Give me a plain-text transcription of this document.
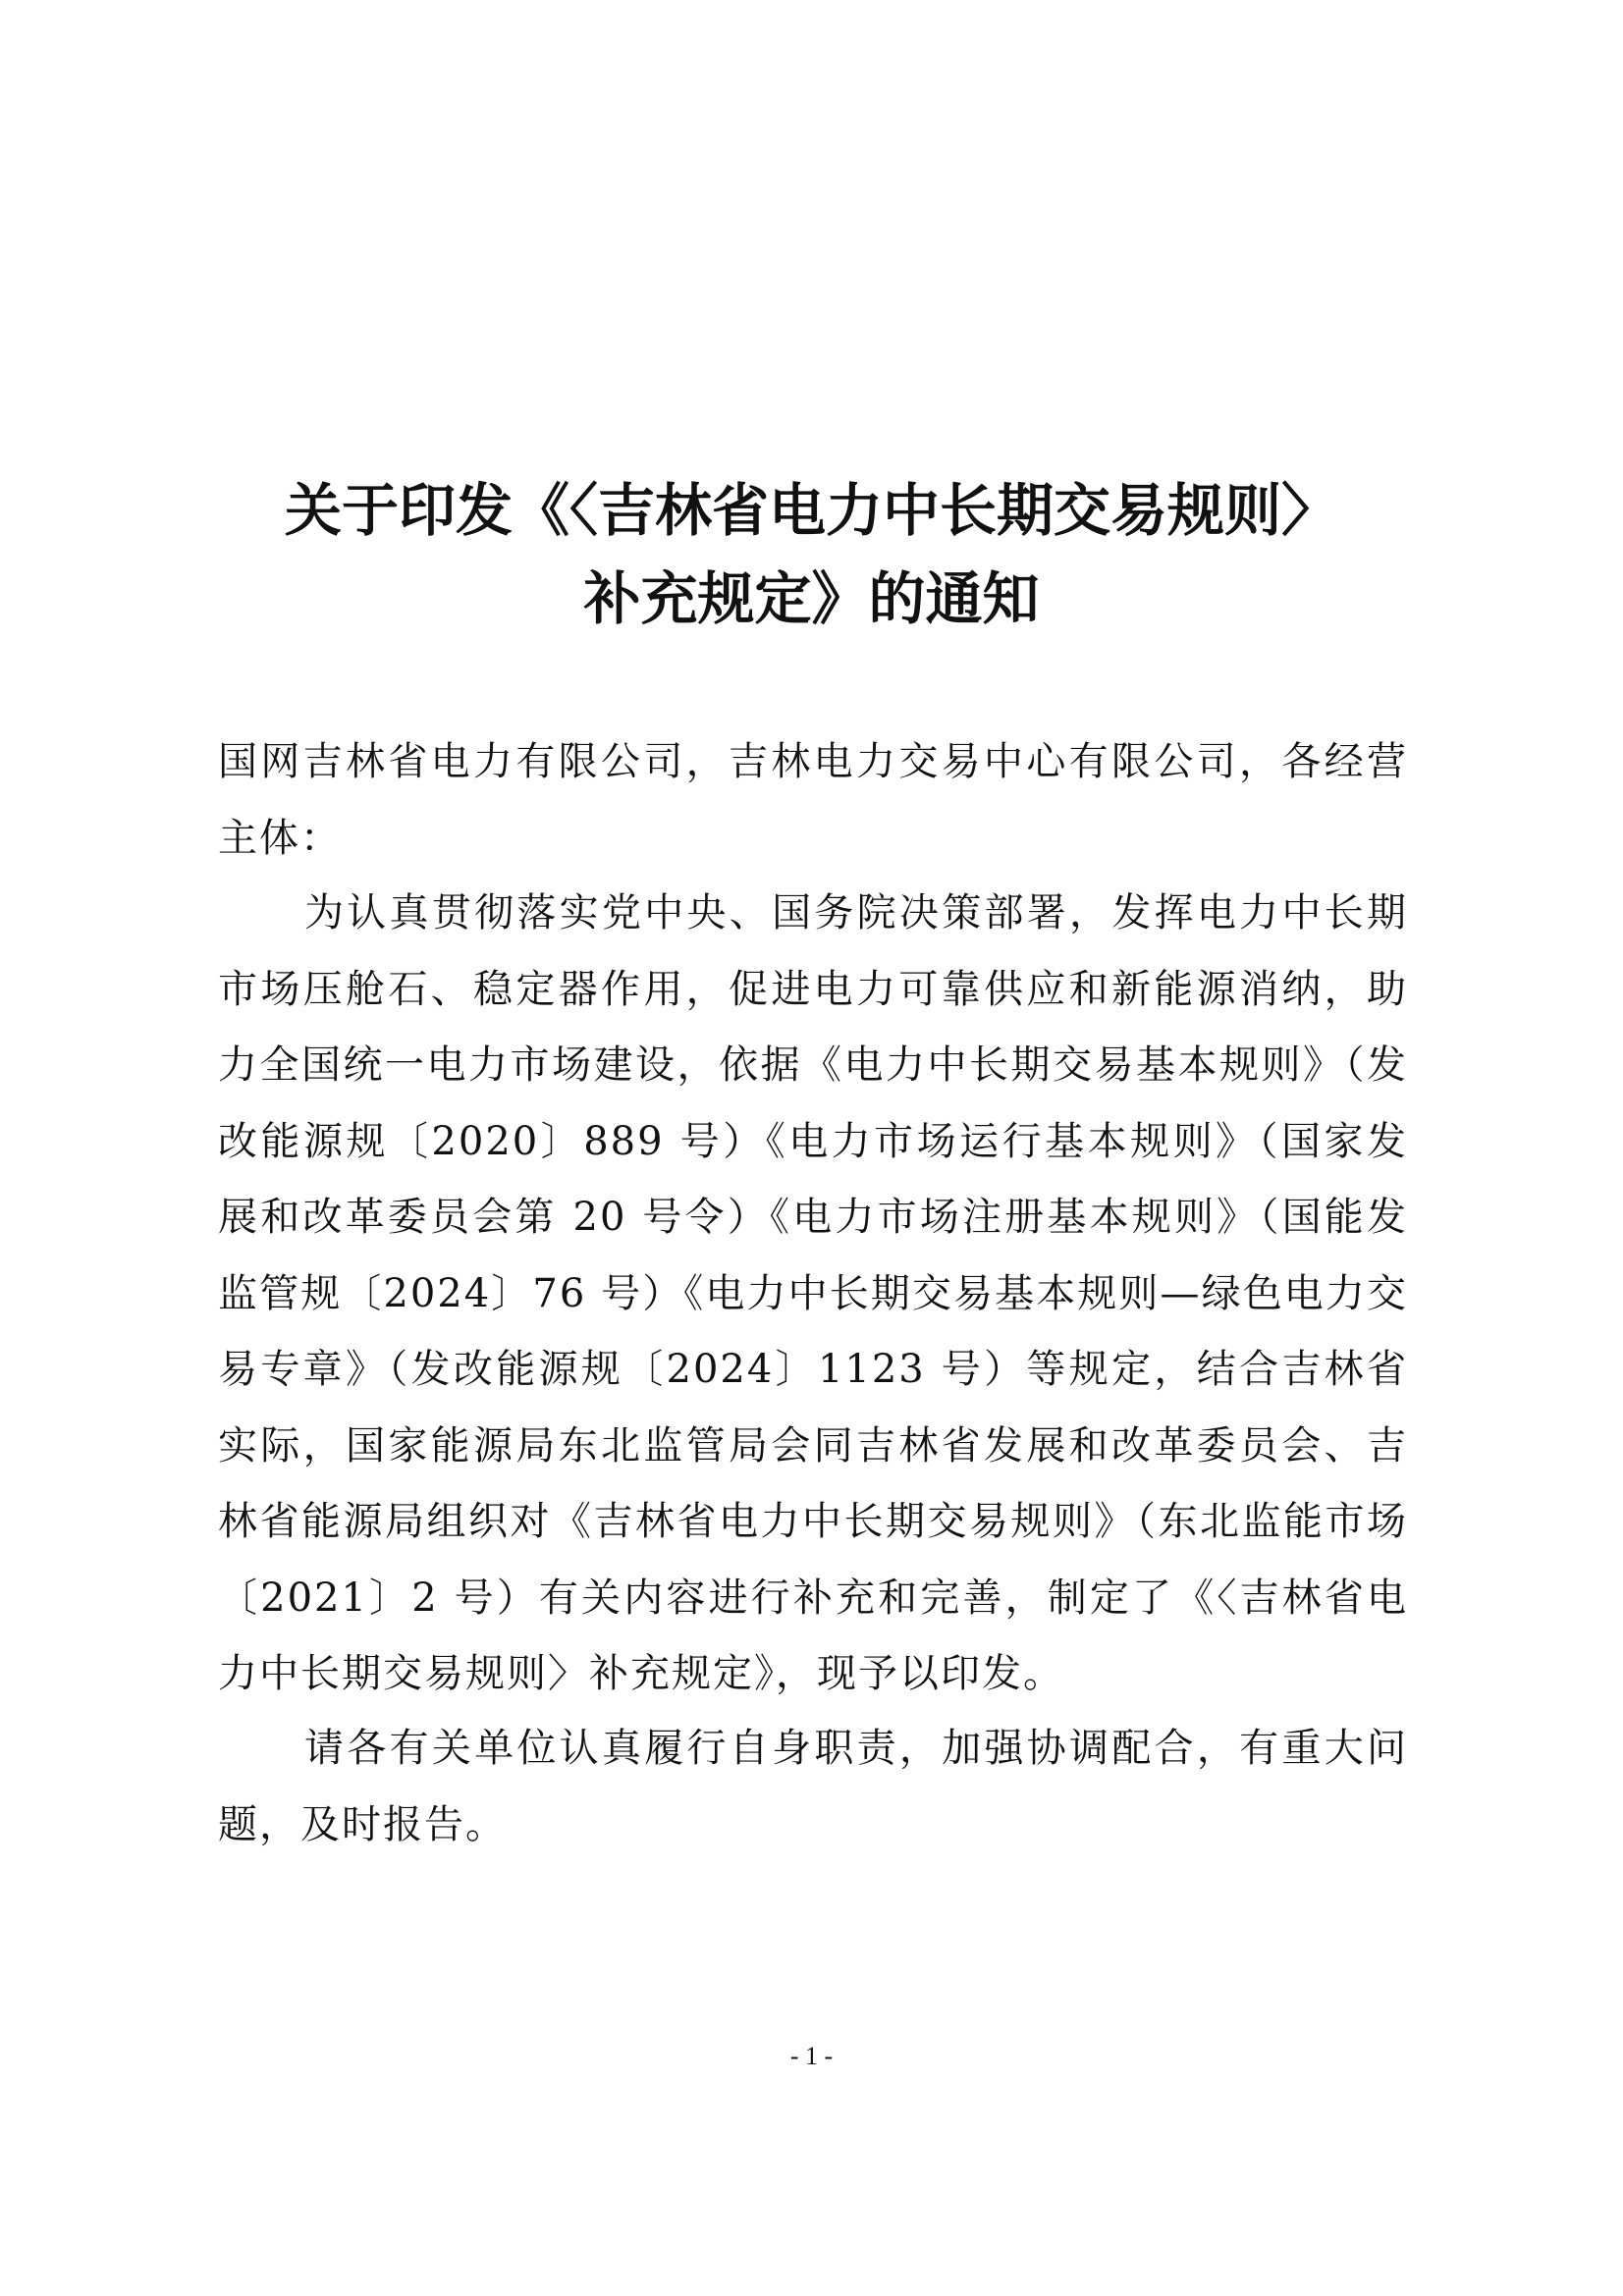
关于印发《〈吉林省电力中长期交易规则〉
补充规定》的通知

国网吉林省电力有限公司，吉林电力交易中心有限公司，各经营主体：

为认真贯彻落实党中央、国务院决策部署，发挥电力中长期市场压舱石、稳定器作用，促进电力可靠供应和新能源消纳，助力全国统一电力市场建设，依据《电力中长期交易基本规则》（发改能源规〔2020〕889 号）《电力市场运行基本规则》（国家发展和改革委员会第 20 号令）《电力市场注册基本规则》（国能发监管规〔2024〕76 号）《电力中长期交易基本规则—绿色电力交易专章》（发改能源规〔2024〕1123 号）等规定，结合吉林省实际，国家能源局东北监管局会同吉林省发展和改革委员会、吉林省能源局组织对《吉林省电力中长期交易规则》（东北监能市场〔2021〕2 号）有关内容进行补充和完善，制定了《〈吉林省电力中长期交易规则〉补充规定》，现予以印发。

请各有关单位认真履行自身职责，加强协调配合，有重大问题，及时报告。

- 1 -
